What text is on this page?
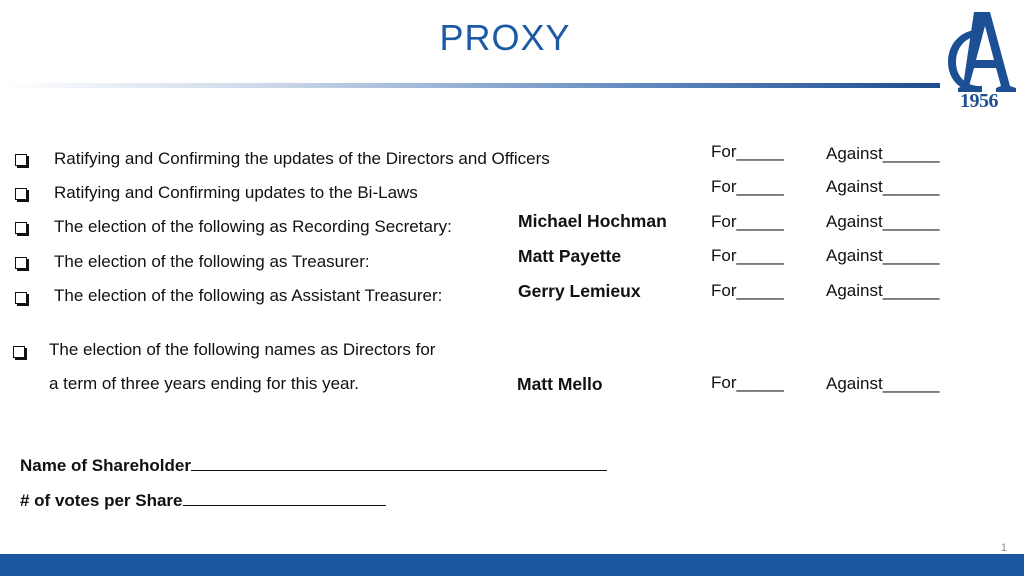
PROXY
1956
Ratifying and Confirming the updates of the Directors and Officers	For_____ Against______
Ratifying and Confirming updates to the Bi-Laws	For_____ Against______
The election of the following as Recording Secretary:	Michael Hochman	For_____ Against______
The election of the following as Treasurer:	Matt Payette	For_____ Against______
The election of the following as Assistant Treasurer:	Gerry Lemieux	For_____ Against______
The election of the following names as Directors for
a term of three years ending for this year.	Matt Mello	For_____ Against______
Name of Shareholder
# of votes per Share
1
